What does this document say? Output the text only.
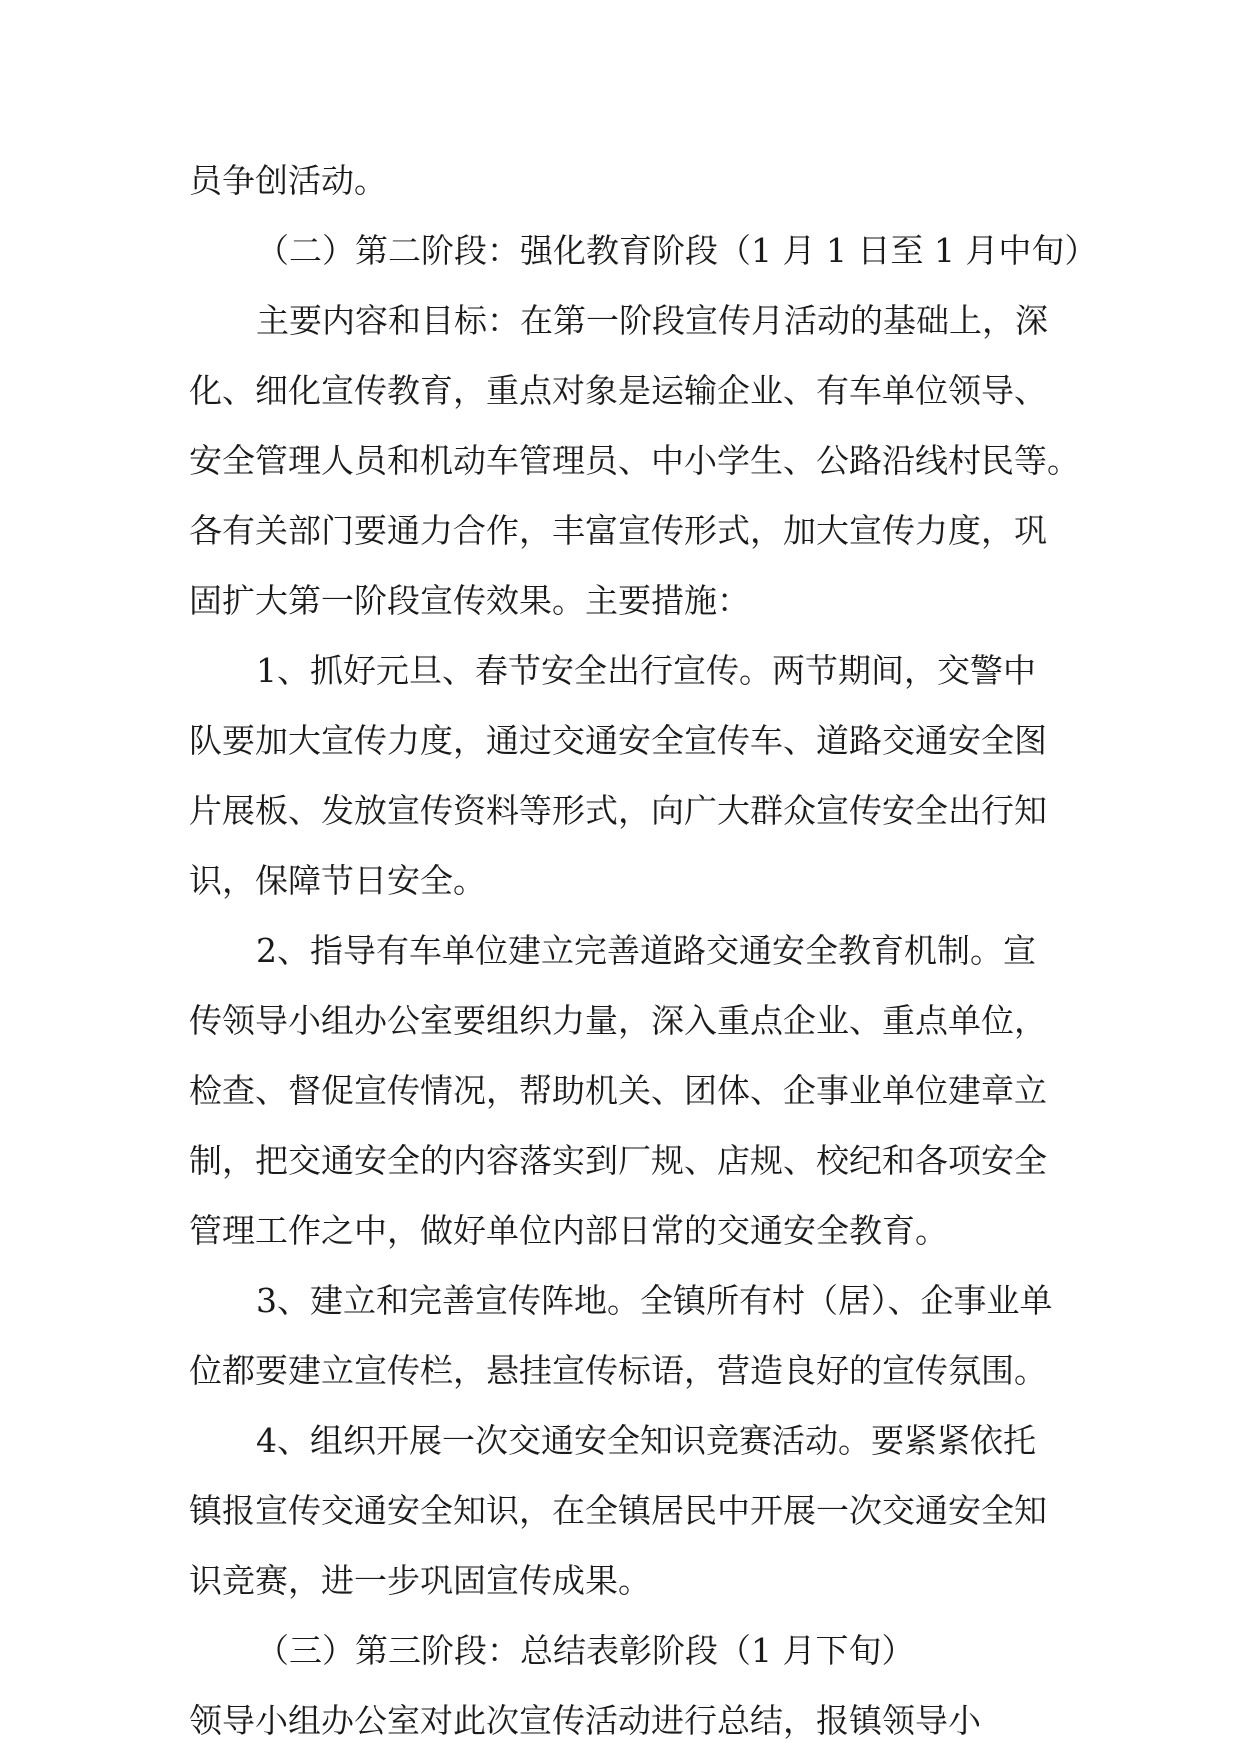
员争创活动。
（二）第二阶段：强化教育阶段（1 月 1 日至 1 月中旬）
主要内容和目标：在第一阶段宣传月活动的基础上，深
化、细化宣传教育，重点对象是运输企业、有车单位领导、
安全管理人员和机动车管理员、中小学生、公路沿线村民等。
各有关部门要通力合作，丰富宣传形式，加大宣传力度，巩
固扩大第一阶段宣传效果。主要措施：
1、抓好元旦、春节安全出行宣传。两节期间，交警中
队要加大宣传力度，通过交通安全宣传车、道路交通安全图
片展板、发放宣传资料等形式，向广大群众宣传安全出行知
识，保障节日安全。
2、指导有车单位建立完善道路交通安全教育机制。宣
传领导小组办公室要组织力量，深入重点企业、重点单位，
检查、督促宣传情况，帮助机关、团体、企事业单位建章立
制，把交通安全的内容落实到厂规、店规、校纪和各项安全
管理工作之中，做好单位内部日常的交通安全教育。
3、建立和完善宣传阵地。全镇所有村（居）、企事业单
位都要建立宣传栏，悬挂宣传标语，营造良好的宣传氛围。
4、组织开展一次交通安全知识竞赛活动。要紧紧依托
镇报宣传交通安全知识，在全镇居民中开展一次交通安全知
识竞赛，进一步巩固宣传成果。
（三）第三阶段：总结表彰阶段（1 月下旬）
领导小组办公室对此次宣传活动进行总结，报镇领导小
